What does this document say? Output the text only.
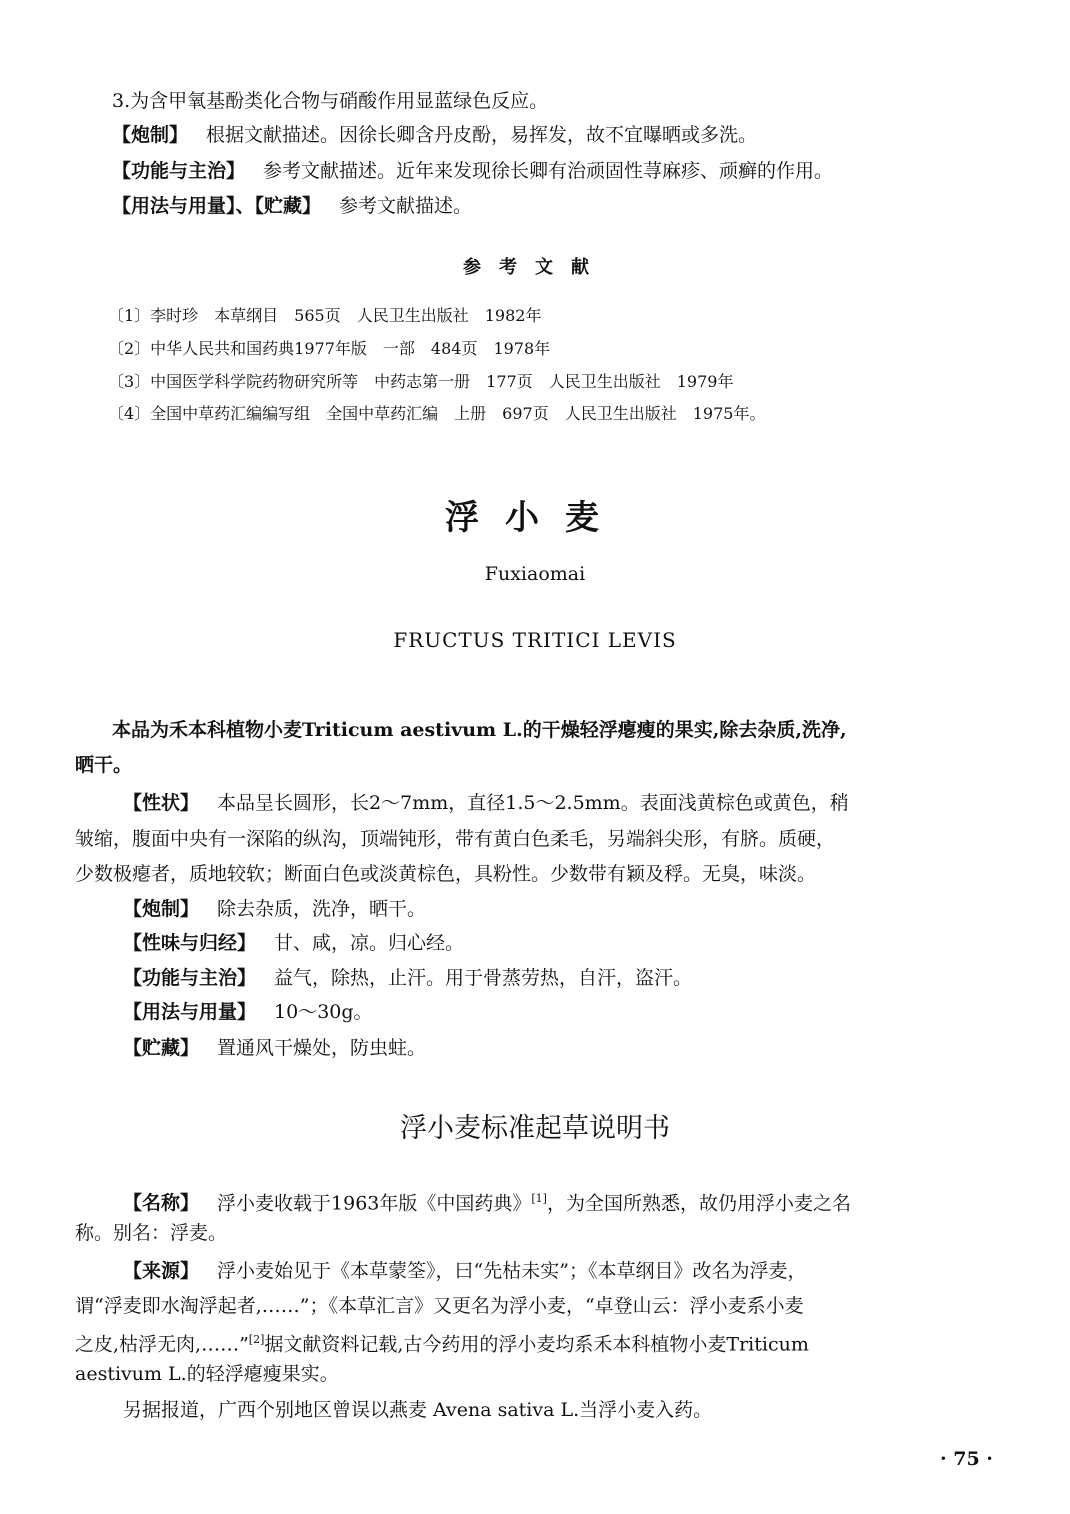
3.为含甲氧基酚类化合物与硝酸作用显蓝绿色反应。
【炮制】 根据文献描述。因徐长卿含丹皮酚，易挥发，故不宜曝晒或多洗。
【功能与主治】 参考文献描述。近年来发现徐长卿有治顽固性荨麻疹、顽癣的作用。
【用法与用量】、【贮藏】 参考文献描述。
参考文献
〔1〕李时珍　本草纲目　565页　人民卫生出版社　1982年
〔2〕中华人民共和国药典1977年版　一部　484页　1978年
〔3〕中国医学科学院药物研究所等　中药志第一册　177页　人民卫生出版社　1979年
〔4〕全国中草药汇编编写组　全国中草药汇编　上册　697页　人民卫生出版社　1975年。
浮小麦
Fuxiaomai
FRUCTUS TRITICI LEVIS
本品为禾本科植物小麦Triticum aestivum L.的干燥轻浮瘪瘦的果实,除去杂质,洗净,
晒干。
【性状】 本品呈长圆形，长2～7mm，直径1.5～2.5mm。表面浅黄棕色或黄色，稍
皱缩，腹面中央有一深陷的纵沟，顶端钝形，带有黄白色柔毛，另端斜尖形，有脐。质硬，
少数极瘪者，质地较软；断面白色或淡黄棕色，具粉性。少数带有颖及稃。无臭，味淡。
【炮制】 除去杂质，洗净，晒干。
【性味与归经】 甘、咸，凉。归心经。
【功能与主治】 益气，除热，止汗。用于骨蒸劳热，自汗，盗汗。
【用法与用量】 10～30g。
【贮藏】 置通风干燥处，防虫蛀。
浮小麦标准起草说明书
【名称】 浮小麦收载于1963年版《中国药典》[1]，为全国所熟悉，故仍用浮小麦之名
称。别名：浮麦。
【来源】 浮小麦始见于《本草蒙筌》，曰“先枯未实”；《本草纲目》改名为浮麦，
谓“浮麦即水淘浮起者,……”；《本草汇言》又更名为浮小麦，“卓登山云：浮小麦系小麦
之皮,枯浮无肉,……”[2]据文献资料记载,古今药用的浮小麦均系禾本科植物小麦Triticum
aestivum L.的轻浮瘪瘦果实。
另据报道，广西个别地区曾误以燕麦 Avena sativa L.当浮小麦入药。
· 75 ·
